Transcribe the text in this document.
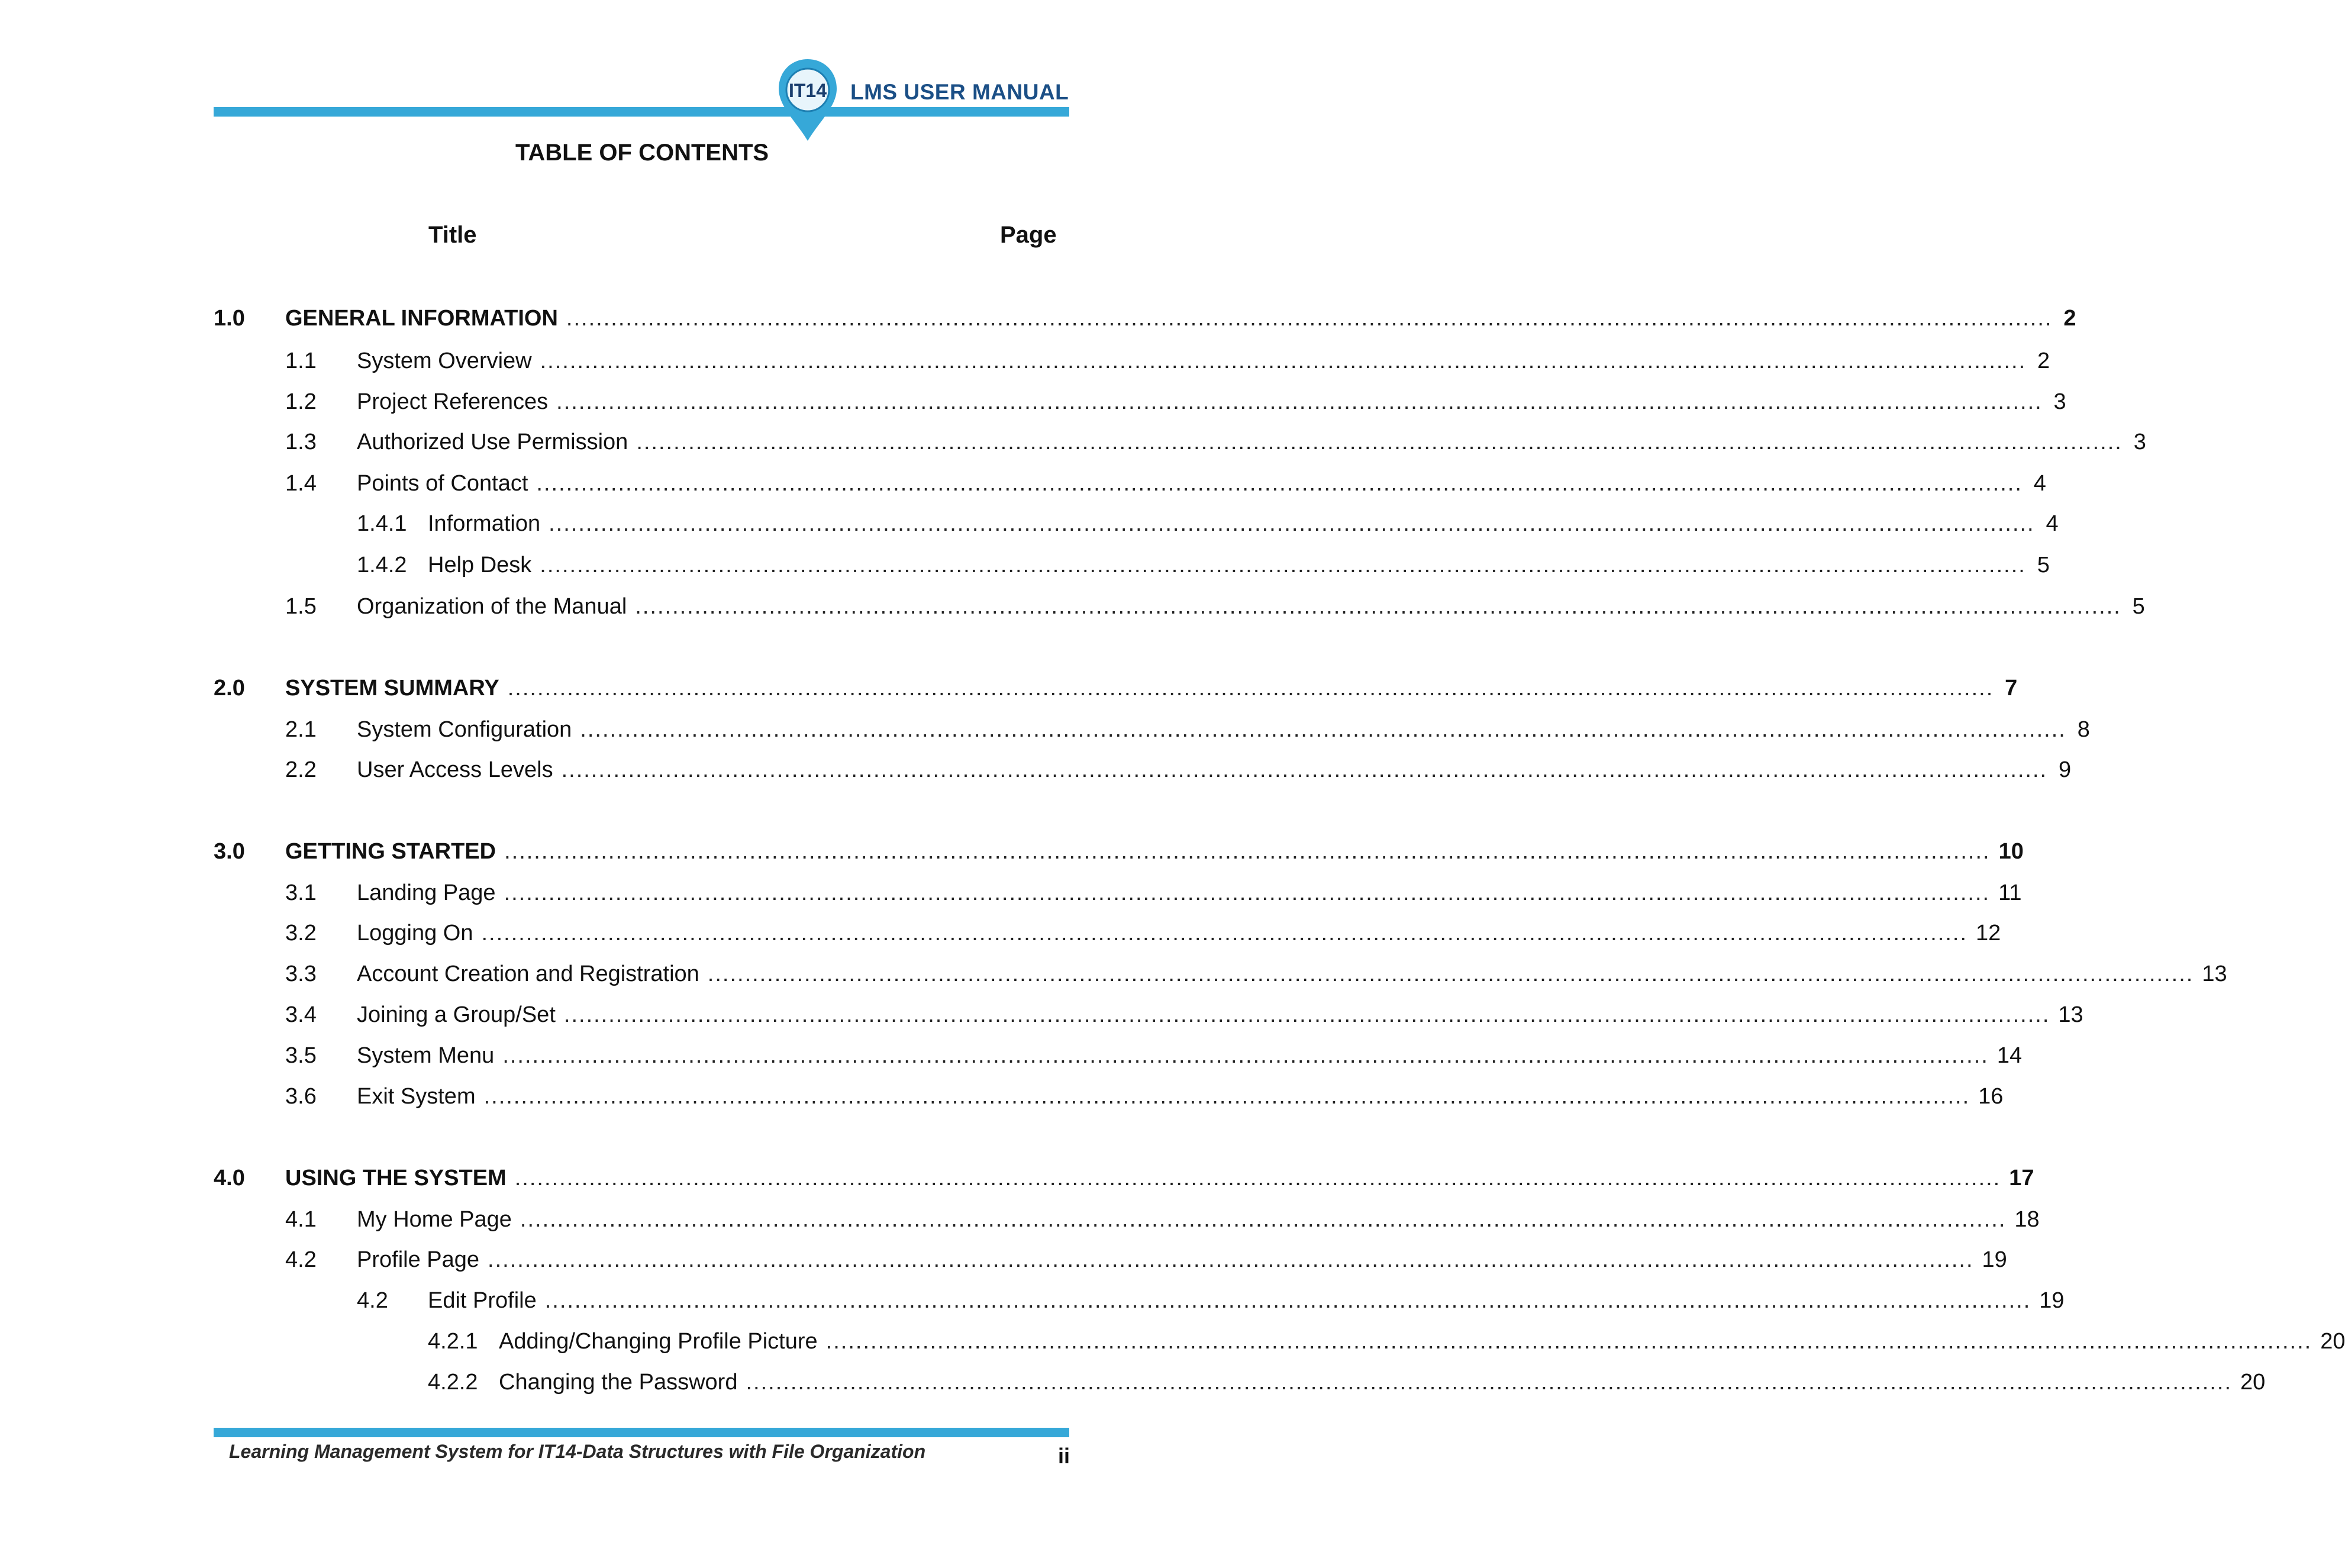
IT14 LMS USER MANUAL
TABLE OF CONTENTS
Title	Page
1.0 GENERAL INFORMATION ........................................................................................................................................................................................................ 2
1.1 System Overview ........................................................................................................................................................................................................ 2
1.2 Project References ........................................................................................................................................................................................................ 3
1.3 Authorized Use Permission ........................................................................................................................................................................................................ 3
1.4 Points of Contact ........................................................................................................................................................................................................ 4
1.4.1 Information ........................................................................................................................................................................................................ 4
1.4.2 Help Desk ........................................................................................................................................................................................................ 5
1.5 Organization of the Manual ........................................................................................................................................................................................................ 5
2.0 SYSTEM SUMMARY ........................................................................................................................................................................................................ 7
2.1 System Configuration ........................................................................................................................................................................................................ 8
2.2 User Access Levels ........................................................................................................................................................................................................ 9
3.0 GETTING STARTED ........................................................................................................................................................................................................ 10
3.1 Landing Page ........................................................................................................................................................................................................ 11
3.2 Logging On ........................................................................................................................................................................................................ 12
3.3 Account Creation and Registration ........................................................................................................................................................................................................ 13
3.4 Joining a Group/Set ........................................................................................................................................................................................................ 13
3.5 System Menu ........................................................................................................................................................................................................ 14
3.6 Exit System ........................................................................................................................................................................................................ 16
4.0 USING THE SYSTEM ........................................................................................................................................................................................................ 17
4.1 My Home Page ........................................................................................................................................................................................................ 18
4.2 Profile Page ........................................................................................................................................................................................................ 19
4.2 Edit Profile ........................................................................................................................................................................................................ 19
4.2.1 Adding/Changing Profile Picture ........................................................................................................................................................................................................ 20
4.2.2 Changing the Password ........................................................................................................................................................................................................ 20
Learning Management System for IT14-Data Structures with File Organization	ii
